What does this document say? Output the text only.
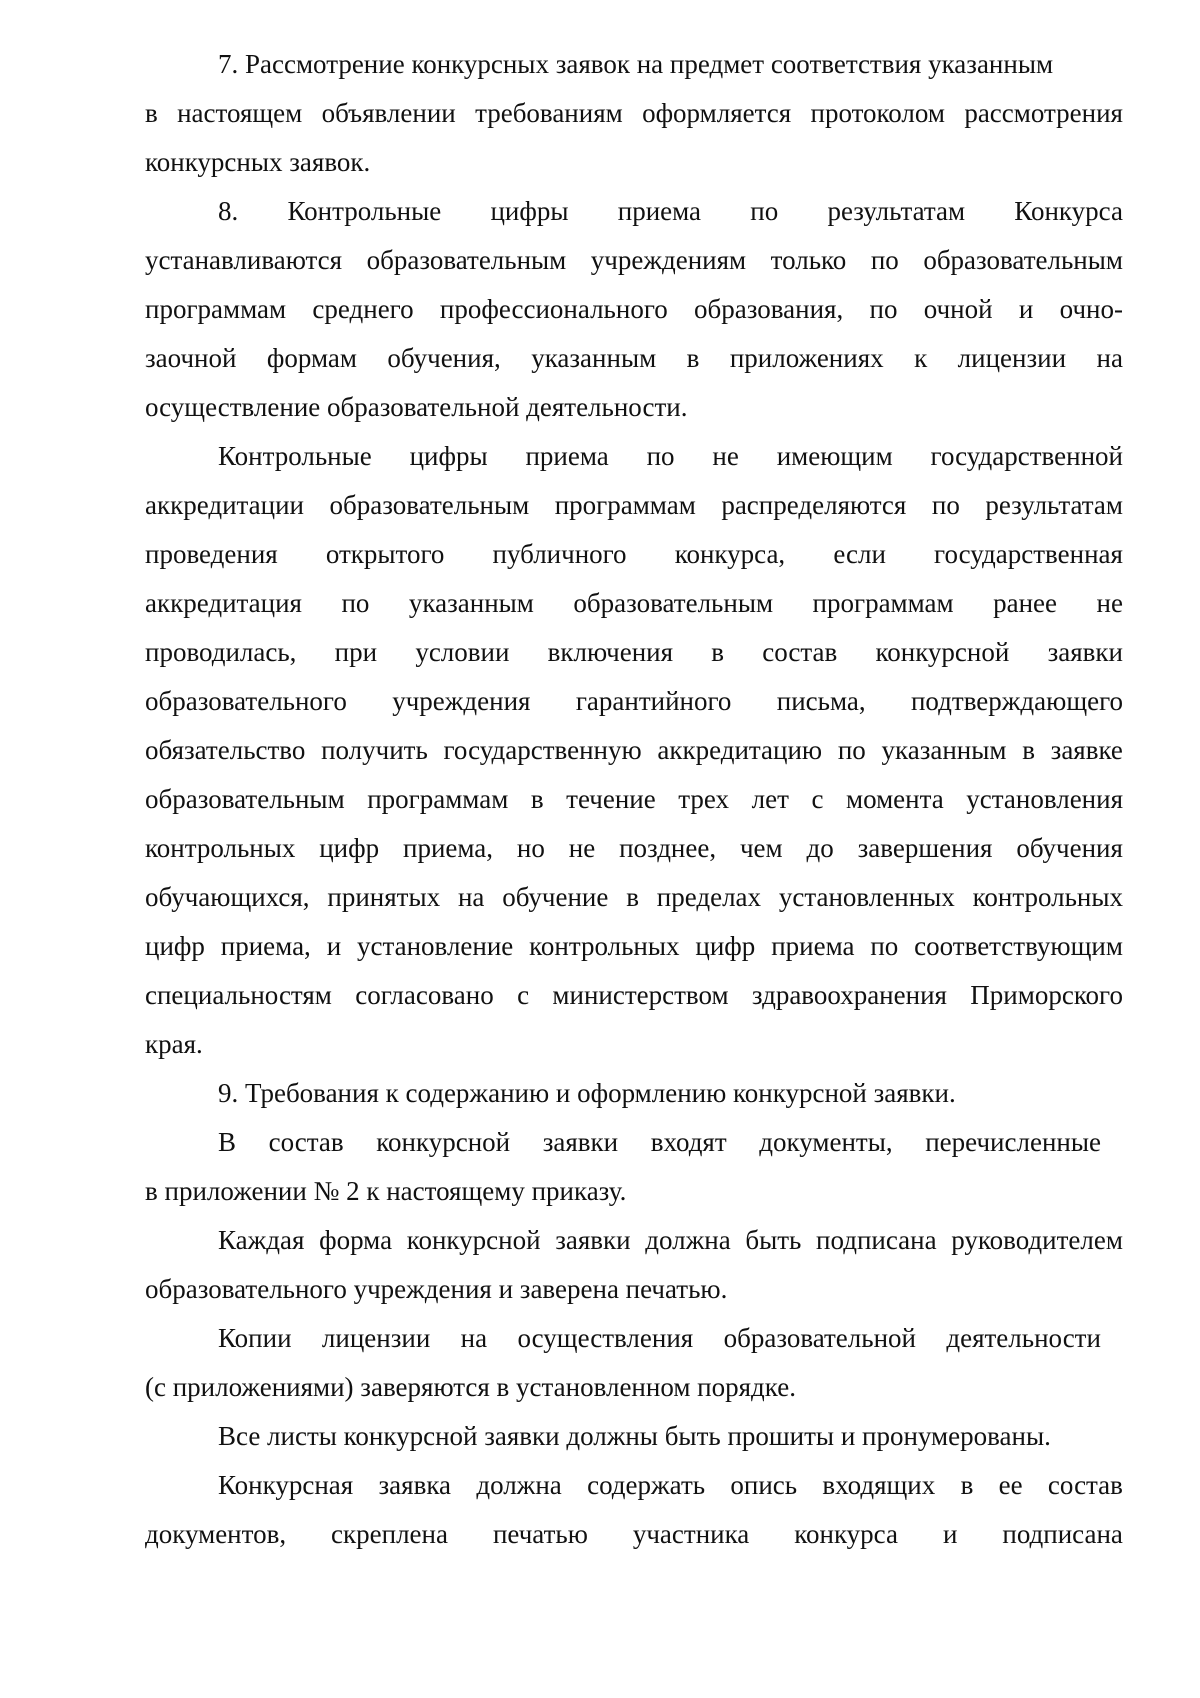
7. Рассмотрение конкурсных заявок на предмет соответствия указанным
в настоящем объявлении требованиям оформляется протоколом рассмотрения
конкурсных заявок.
8. Контрольные цифры приема по результатам Конкурса
устанавливаются образовательным учреждениям только по образовательным
программам среднего профессионального образования, по очной и очно-
заочной формам обучения, указанным в приложениях к лицензии на
осуществление образовательной деятельности.
Контрольные цифры приема по не имеющим государственной
аккредитации образовательным программам распределяются по результатам
проведения открытого публичного конкурса, если государственная
аккредитация по указанным образовательным программам ранее не
проводилась, при условии включения в состав конкурсной заявки
образовательного учреждения гарантийного письма, подтверждающего
обязательство получить государственную аккредитацию по указанным в заявке
образовательным программам в течение трех лет с момента установления
контрольных цифр приема, но не позднее, чем до завершения обучения
обучающихся, принятых на обучение в пределах установленных контрольных
цифр приема, и установление контрольных цифр приема по соответствующим
специальностям согласовано с министерством здравоохранения Приморского
края.
9. Требования к содержанию и оформлению конкурсной заявки.
В состав конкурсной заявки входят документы, перечисленные
в приложении № 2 к настоящему приказу.
Каждая форма конкурсной заявки должна быть подписана руководителем
образовательного учреждения и заверена печатью.
Копии лицензии на осуществления образовательной деятельности
(с приложениями) заверяются в установленном порядке.
Все листы конкурсной заявки должны быть прошиты и пронумерованы.
Конкурсная заявка должна содержать опись входящих в ее состав
документов, скреплена печатью участника конкурса и подписана
